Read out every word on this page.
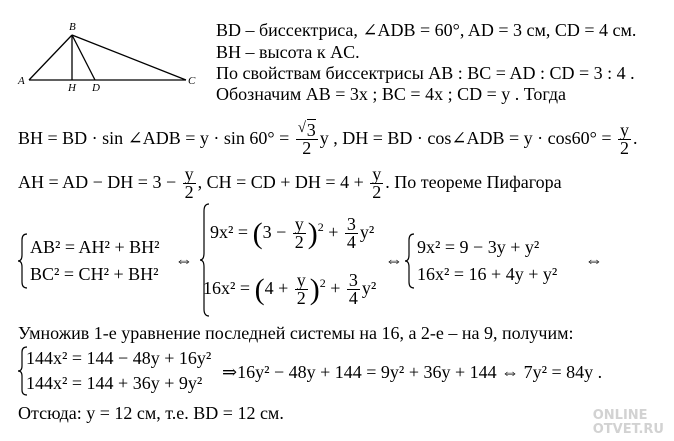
B
A
H D
C
BD – биссектриса, ∠ADB = 60°, AD = 3 см, CD = 4 см.
BH – высота к AC.
По свойствам биссектрисы AB : BC = AD : CD = 3 : 4 .
Обозначим AB = 3x ; BC = 4x ; CD = y . Тогда
BH = BD · sin ∠ADB = y · sin 60° =
√ $\frac{3}{2}$ y , DH = BD · cos∠ADB = $y \cdot \cos 60^\circ = \frac{y}{2}$ .
AH = AD − DH = $3 - \frac{y}{2}$ , CH = CD + DH = $4 + \frac{y}{2}$ . По теореме Пифагора
AB² = AH² + BH²
BC² = CH² + BH²
⇔
$9x^2 = (3 - \frac{y}{2} )^2 + \frac{3}{4} y^2$
$16x^2 = (4 + \frac{y}{2} )^2 + \frac{3}{4} y^2$
⇔
9x² = 9 − 3y + y²
16x² = 16 + 4y + y²
⇔
Умножив 1-е уравнение последней системы на 16, а 2-е – на 9, получим:
144x² = 144 − 48y + 16y²
144x² = 144 + 36y + 9y²
⇒16y² − 48y + 144 = 9y² + 36y + 144 ⇔ 7y² = 84y .
Отсюда: y = 12 см, т.е. BD = 12 см.	ONLINE
OTVET.RU
